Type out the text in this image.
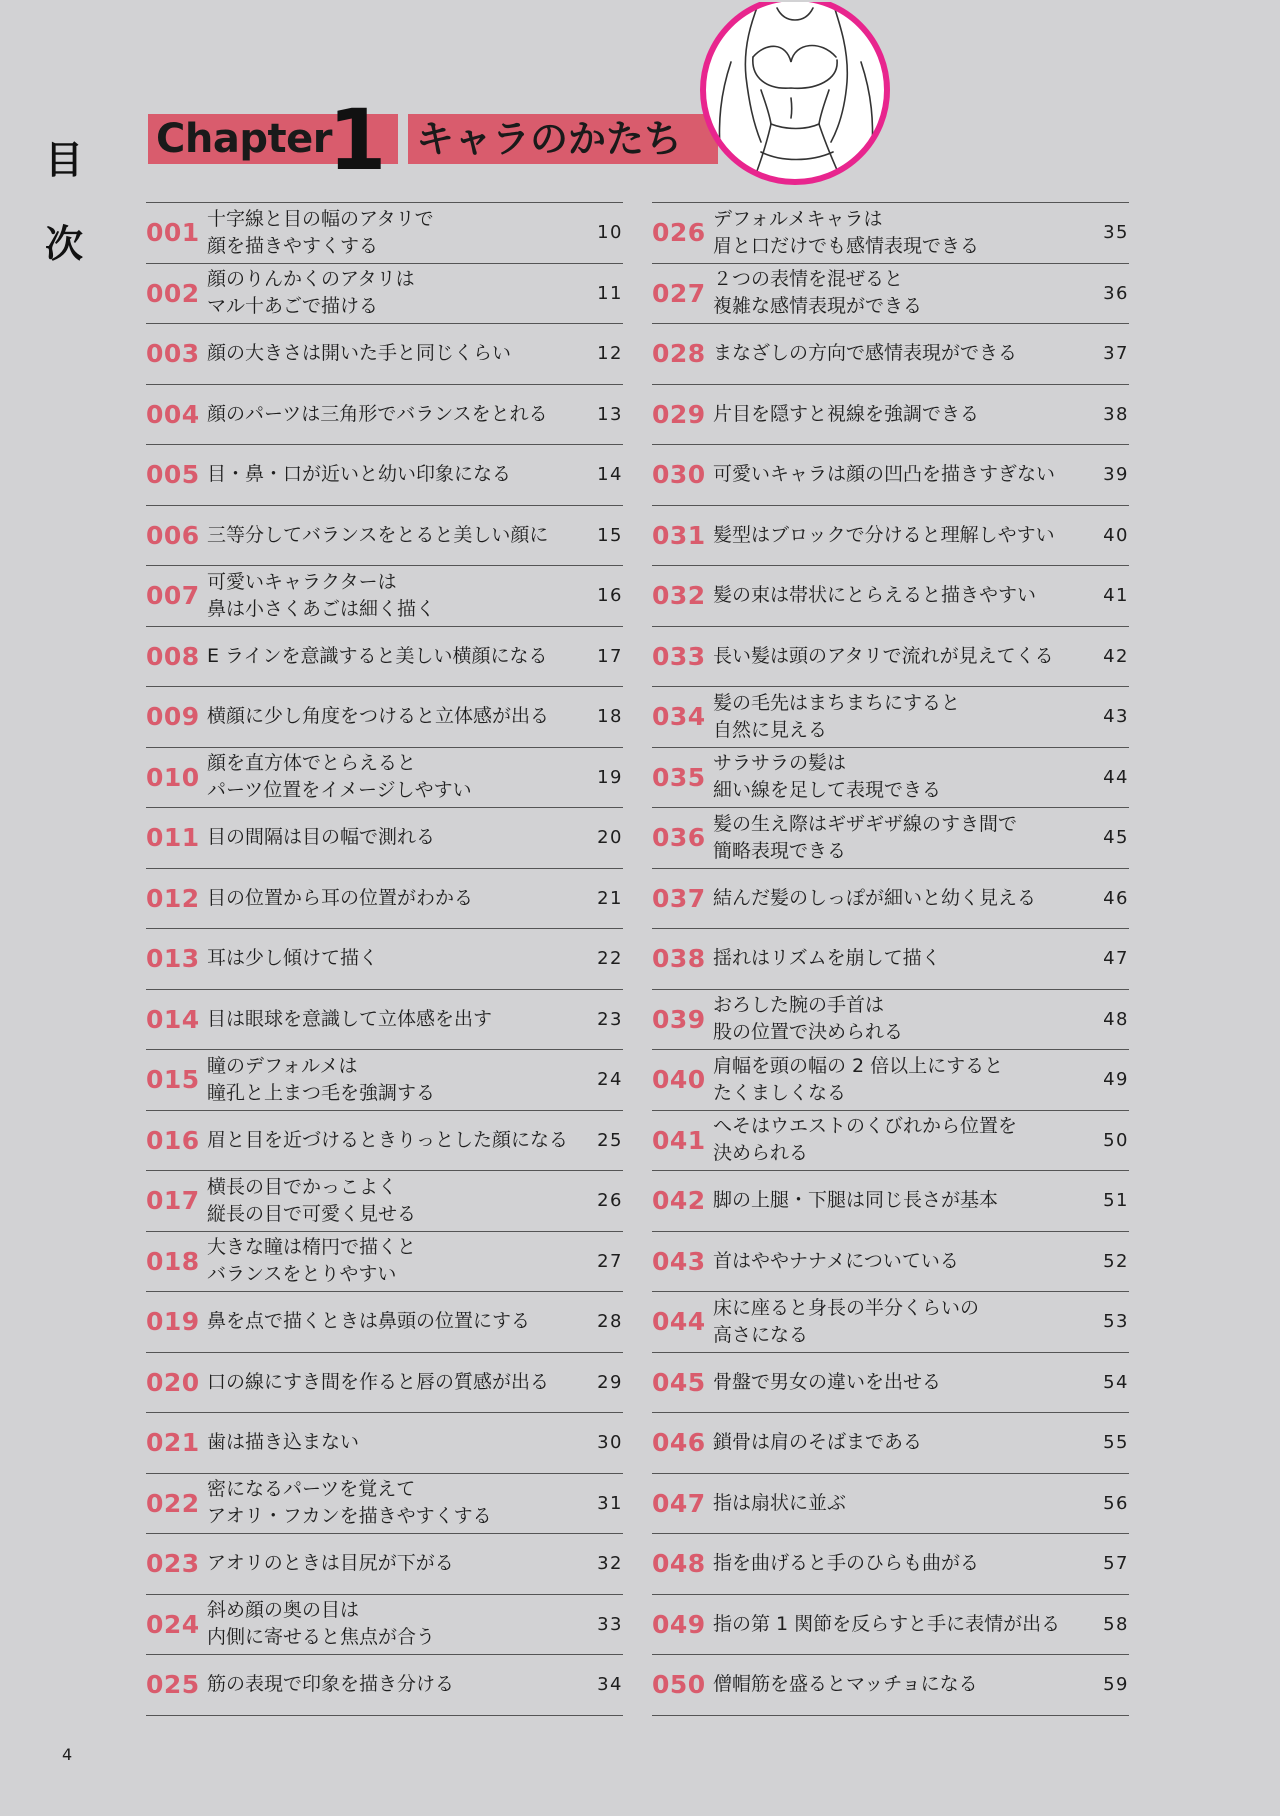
目
次
Chapter
1 キャラのかたち
001 十字線と目の幅のアタリで
顔を描きやすくする
10
002 顔のりんかくのアタリは
マル十あごで描ける
11
003 顔の大きさは開いた手と同じくらい	12
004 顔のパーツは三角形でバランスをとれる	13
005 目・鼻・口が近いと幼い印象になる	14
006 三等分してバランスをとると美しい顔に	15
007 可愛いキャラクターは
鼻は小さくあごは細く描く
16
008 E ラインを意識すると美しい横顔になる	17
009 横顔に少し角度をつけると立体感が出る	18
010 顔を直方体でとらえると
パーツ位置をイメージしやすい
19
011 目の間隔は目の幅で測れる	20
012 目の位置から耳の位置がわかる	21
013 耳は少し傾けて描く	22
014 目は眼球を意識して立体感を出す	23
015 瞳のデフォルメは
瞳孔と上まつ毛を強調する
24
016 眉と目を近づけるときりっとした顔になる	25
017 横長の目でかっこよく
縦長の目で可愛く見せる
26
018 大きな瞳は楕円で描くと
バランスをとりやすい
27
019 鼻を点で描くときは鼻頭の位置にする	28
020 口の線にすき間を作ると唇の質感が出る	29
021 歯は描き込まない	30
022 密になるパーツを覚えて
アオリ・フカンを描きやすくする
31
023 アオリのときは目尻が下がる	32
024 斜め顔の奥の目は
内側に寄せると焦点が合う
33
025 筋の表現で印象を描き分ける	34
026 デフォルメキャラは
眉と口だけでも感情表現できる
35
027 ２つの表情を混ぜると
複雑な感情表現ができる
36
028 まなざしの方向で感情表現ができる	37
029 片目を隠すと視線を強調できる	38
030 可愛いキャラは顔の凹凸を描きすぎない	39
031 髪型はブロックで分けると理解しやすい	40
032 髪の束は帯状にとらえると描きやすい	41
033 長い髪は頭のアタリで流れが見えてくる	42
034 髪の毛先はまちまちにすると
自然に見える
43
035 サラサラの髪は
細い線を足して表現できる
44
036 髪の生え際はギザギザ線のすき間で
簡略表現できる
45
037 結んだ髪のしっぽが細いと幼く見える	46
038 揺れはリズムを崩して描く	47
039 おろした腕の手首は
股の位置で決められる
48
040 肩幅を頭の幅の 2 倍以上にすると
たくましくなる
49
041 へそはウエストのくびれから位置を
決められる
50
042 脚の上腿・下腿は同じ長さが基本	51
043 首はややナナメについている	52
044 床に座ると身長の半分くらいの
高さになる
53
045 骨盤で男女の違いを出せる	54
046 鎖骨は肩のそばまである	55
047 指は扇状に並ぶ	56
048 指を曲げると手のひらも曲がる	57
049 指の第 1 関節を反らすと手に表情が出る	58
050 僧帽筋を盛るとマッチョになる	59
4
